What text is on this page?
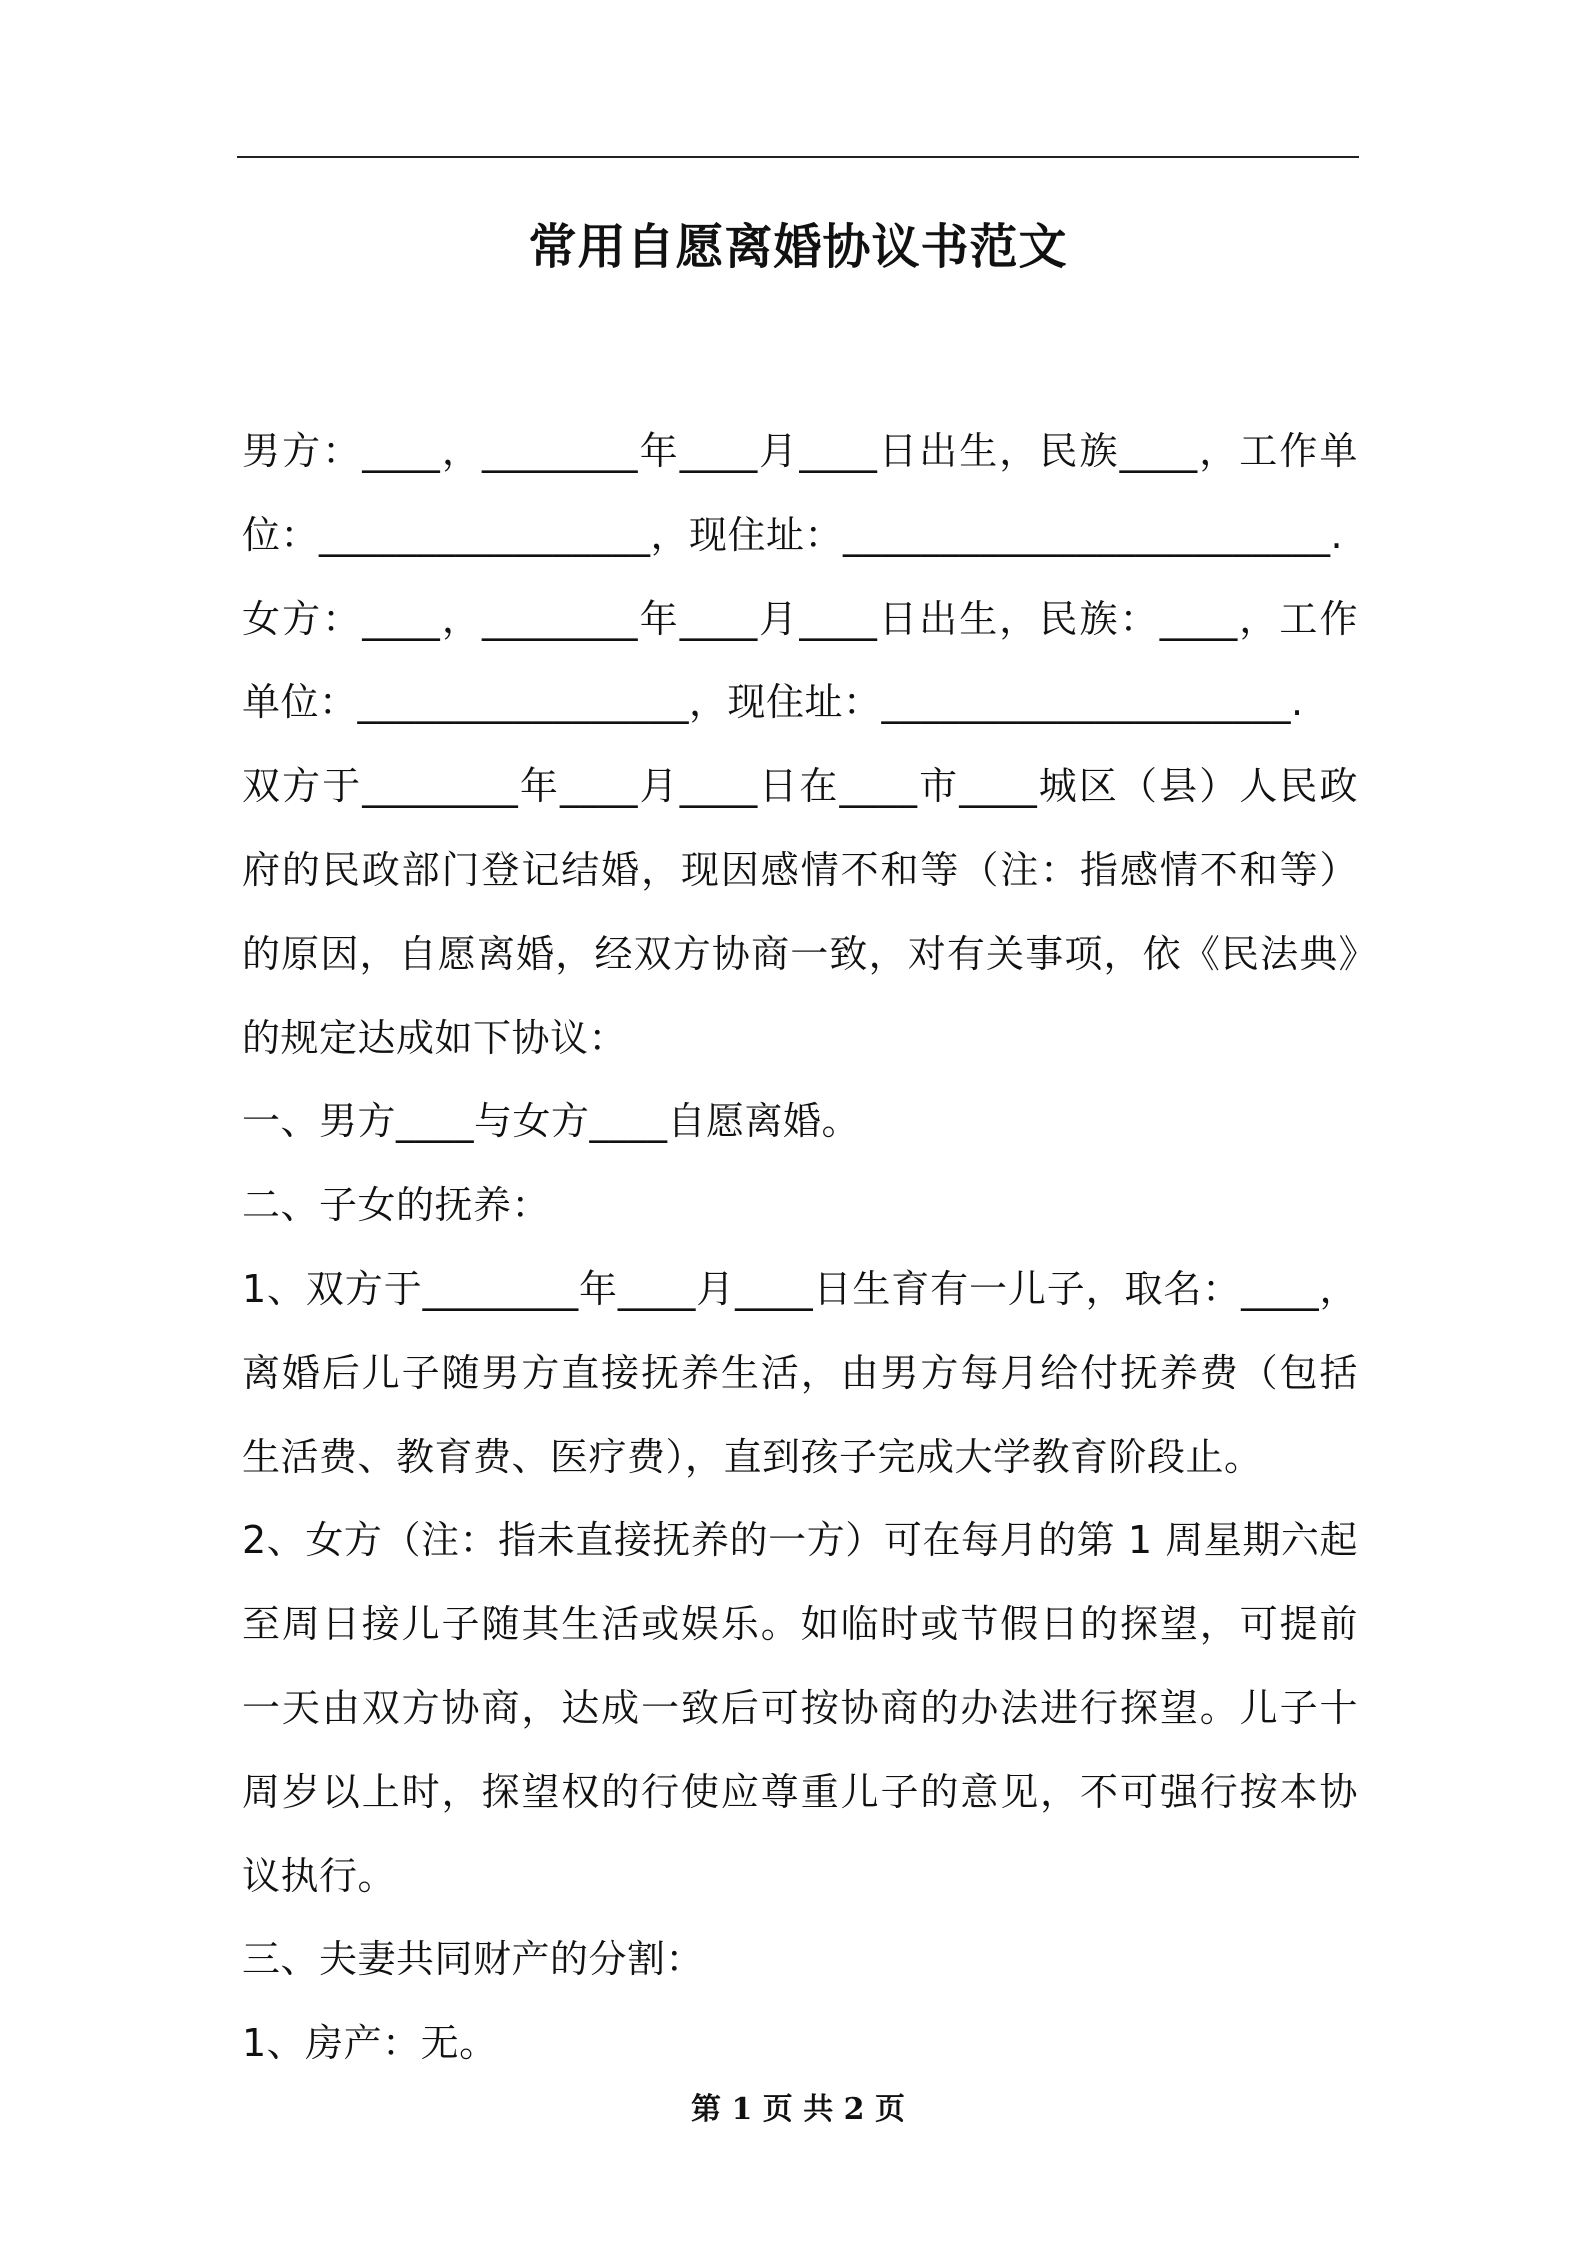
常用自愿离婚协议书范文

男方：____，________年____月____日出生，民族____，工作单位：_________________，现住址：_________________________.

女方：____，________年____月____日出生，民族：____，工作单位：_________________，现住址：_____________________.

双方于________年____月____日在____市____城区（县）人民政府的民政部门登记结婚，现因感情不和等（注：指感情不和等）的原因，自愿离婚，经双方协商一致，对有关事项，依《民法典》的规定达成如下协议：

一、男方____与女方____自愿离婚。

二、子女的抚养：

1、双方于________年____月____日生育有一儿子，取名：____，离婚后儿子随男方直接抚养生活，由男方每月给付抚养费（包括生活费、教育费、医疗费），直到孩子完成大学教育阶段止。

2、女方（注：指未直接抚养的一方）可在每月的第 1 周星期六起至周日接儿子随其生活或娱乐。如临时或节假日的探望，可提前一天由双方协商，达成一致后可按协商的办法进行探望。儿子十周岁以上时，探望权的行使应尊重儿子的意见，不可强行按本协议执行。

三、夫妻共同财产的分割：

1、房产：无。

第 1 页 共 2 页
